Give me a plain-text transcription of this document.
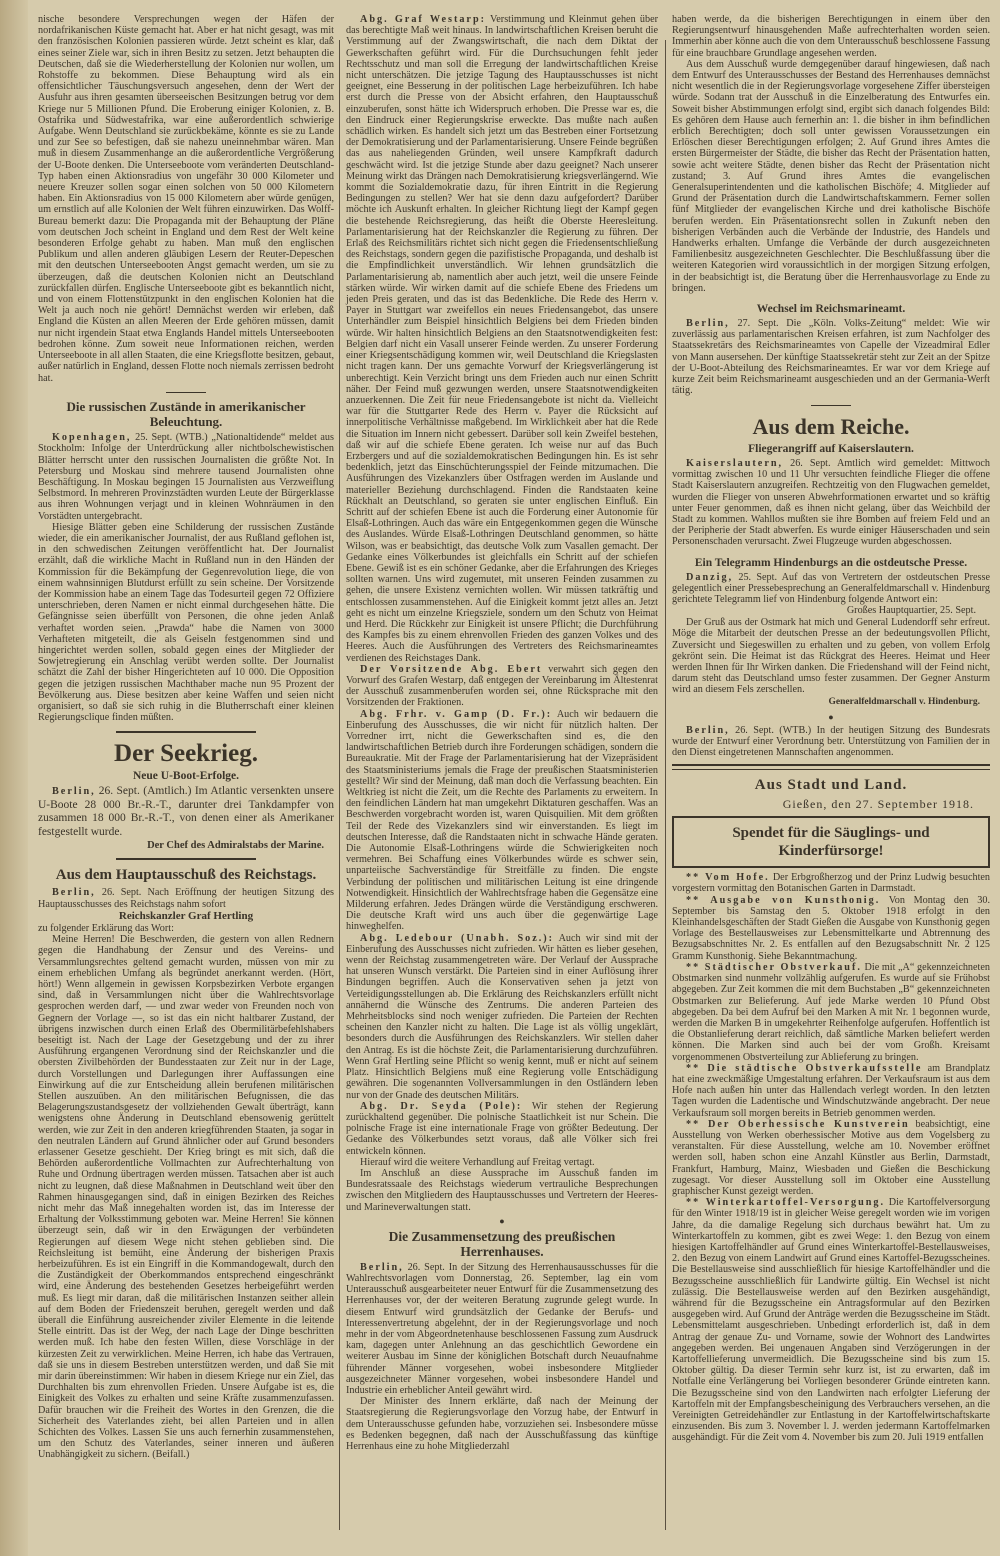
nische besondere Versprechungen wegen der Häfen der nordafrikanischen Küste gemacht hat. Aber er hat nicht gesagt, was mit den französischen Kolonien passieren würde. Jetzt scheint es klar, daß eines seiner Ziele war, sich in ihren Besitz zu setzen. Jetzt behaupten die Deutschen, daß sie die Wiederherstellung der Kolonien nur wollen, um Rohstoffe zu bekommen. Diese Behauptung wird als ein offensichtlicher Täuschungsversuch angesehen, denn der Wert der Ausfuhr aus ihren gesamten überseeischen Besitzungen betrug vor dem Kriege nur 5 Millionen Pfund. Die Eroberung einiger Kolonien, z. B. Ostafrika und Südwestafrika, war eine außerordentlich schwierige Aufgabe. Wenn Deutschland sie zurückbekäme, könnte es sie zu Lande und zur See so befestigen, daß sie nahezu uneinnehmbar wären. Man muß in diesem Zusammenhange an die außerordentliche Vergrößerung der U-Boote denken. Die Unterseeboote vom veränderten Deutschland-Typ haben einen Aktionsradius von ungefähr 30 000 Kilometer und neuere Kreuzer sollen sogar einen solchen von 50 000 Kilometern haben. Ein Aktionsradius von 15 000 Kilometern aber würde genügen, um ernstlich auf alle Kolonien der Welt führen einzuwirken. Das Wolff-Bureau bemerkt dazu: Die Propaganda mit der Behauptung der Pläne vom deutschen Joch scheint in England und dem Rest der Welt keine besonderen Erfolge gehabt zu haben. Man muß den englischen Publikum und allen anderen gläubigen Lesern der Reuter-Depeschen mit den deutschen Unterseebooten Angst gemacht werden, um sie zu überzeugen, daß die deutschen Kolonien nicht an Deutschland zurückfallen dürfen. Englische Unterseeboote gibt es bekanntlich nicht, und von einem Flottenstützpunkt in den englischen Kolonien hat die Welt ja auch noch nie gehört! Demnächst werden wir erleben, daß England die Küsten an allen Meeren der Erde gehören müssen, damit nur nicht irgendein Staat etwa Englands Handel mittels Unterseebooten bedrohen könne. Zum soweit neue Informationen reichen, werden Unterseeboote in all allen Staaten, die eine Kriegsflotte besitzen, gebaut, außer natürlich in England, dessen Flotte noch niemals zerrissen bedroht hat.

Die russischen Zustände in amerikanischer Beleuchtung.

Kopenhagen, 25. Sept. (WTB.) „Nationaltidende“ meldet aus Stockholm: Infolge der Unterdrückung aller nichtbolschewistischen Blätter herrscht unter den russischen Journalisten die größte Not. In Petersburg und Moskau sind mehrere tausend Journalisten ohne Beschäftigung. In Moskau begingen 15 Journalisten aus Verzweiflung Selbstmord. In mehreren Provinzstädten wurden Leute der Bürgerklasse aus ihren Wohnungen verjagt und in kleinen Wohnräumen in den Vorstädten untergebracht.

Hiesige Blätter geben eine Schilderung der russischen Zustände wieder, die ein amerikanischer Journalist, der aus Rußland geflohen ist, in den schwedischen Zeitungen veröffentlicht hat. Der Journalist erzählt, daß die wirkliche Macht in Rußland nun in den Händen der Kommission für die Bekämpfung der Gegenrevolution liege, die von einem wahnsinnigen Blutdurst erfüllt zu sein scheine. Der Vorsitzende der Kommission habe an einem Tage das Todesurteil gegen 72 Offiziere unterschrieben, deren Namen er nicht einmal durchgesehen hätte. Die Gefängnisse seien überfüllt von Personen, die ohne jeden Anlaß verhaftet worden seien. „Prawda“ habe die Namen von 3000 Verhafteten mitgeteilt, die als Geiseln festgenommen sind und hingerichtet werden sollen, sobald gegen eines der Mitglieder der Sowjetregierung ein Anschlag verübt werden sollte. Der Journalist schätzt die Zahl der bisher Hingerichteten auf 10 000. Die Opposition gegen die jetzigen russischen Machthaber mache nun 95 Prozent der Bevölkerung aus. Diese besitzen aber keine Waffen und seien nicht organisiert, so daß sie sich ruhig in die Blutherrschaft einer kleinen Regierungsclique finden müßten.

Der Seekrieg.
Neue U-Boot-Erfolge.

Berlin, 26. Sept. (Amtlich.) Im Atlantic versenkten unsere U-Boote 28 000 Br.-R.-T., darunter drei Tankdampfer von zusammen 18 000 Br.-R.-T., von denen einer als Amerikaner festgestellt wurde.

Der Chef des Admiralstabs der Marine.
Aus dem Hauptausschuß des Reichstags.

Berlin, 26. Sept. Nach Eröffnung der heutigen Sitzung des Hauptausschusses des Reichstags nahm sofort

Reichskanzler Graf Hertling

zu folgender Erklärung das Wort:

Meine Herren! Die Beschwerden, die gestern von allen Rednern gegen die Handhabung der Zensur und des Vereins- und Versammlungsrechtes geltend gemacht wurden, müssen von mir zu einem erheblichen Umfang als begründet anerkannt werden. (Hört, hört!) Wenn allgemein in gewissen Korpsbezirken Verbote ergangen sind, daß in Versammlungen nicht über die Wahlrechtsvorlage gesprochen werden darf, — und zwar weder von Freunden noch von Gegnern der Vorlage —, so ist das ein nicht haltbarer Zustand, der übrigens inzwischen durch einen Erlaß des Obermilitärbefehlshabers beseitigt ist. Nach der Lage der Gesetzgebung und der zu ihrer Ausführung ergangenen Verordnung sind der Reichskanzler und die obersten Zivilbehörden der Bundesstaaten zur Zeit nur in der Lage, durch Vorstellungen und Darlegungen ihrer Auffassungen eine Einwirkung auf die zur Entscheidung allein berufenen militärischen Stellen auszuüben. An den militärischen Befugnissen, die das Belagerungszustandsgesetz der vollziehenden Gewalt überträgt, kann wenigstens ohne Änderung in Deutschland ebensowenig gerüttelt werden, wie zur Zeit in den anderen kriegführenden Staaten, ja sogar in den neutralen Ländern auf Grund ähnlicher oder auf Grund besonders erlassener Gesetze geschieht. Der Krieg bringt es mit sich, daß die Behörden außerordentliche Vollmachten zur Aufrechterhaltung von Ruhe und Ordnung übertragen werden müssen. Tatsachen aber ist auch nicht zu leugnen, daß diese Maßnahmen in Deutschland weit über den Rahmen hinausgegangen sind, daß in einigen Bezirken des Reiches nicht mehr das Maß innegehalten worden ist, das im Interesse der Erhaltung der Volksstimmung geboten war. Meine Herren! Sie können überzeugt sein, daß wir in den Erwägungen der verbündeten Regierungen auf diesem Wege nicht stehen geblieben sind. Die Reichsleitung ist bemüht, eine Änderung der bisherigen Praxis herbeizuführen. Es ist ein Eingriff in die Kommandogewalt, durch den die Zuständigkeit der Oberkommandos entsprechend eingeschränkt wird, eine Änderung des bestehenden Gesetzes herbeigeführt werden muß. Es liegt mir daran, daß die militärischen Instanzen seither allein auf dem Boden der Friedenszeit beruhen, geregelt werden und daß überall die Einführung ausreichender ziviler Elemente in die leitende Stelle eintritt. Das ist der Weg, der nach Lage der Dinge beschritten werden muß. Ich habe den festen Willen, diese Vorschläge in der kürzesten Zeit zu verwirklichen. Meine Herren, ich habe das Vertrauen, daß sie uns in diesem Bestreben unterstützen werden, und daß Sie mit mir darin übereinstimmen: Wir haben in diesem Kriege nur ein Ziel, das Durchhalten bis zum ehrenvollen Frieden. Unsere Aufgabe ist es, die Einigkeit des Volkes zu erhalten und seine Kräfte zusammenzufassen. Dafür brauchen wir die Freiheit des Wortes in den Grenzen, die die Sicherheit des Vaterlandes zieht, bei allen Parteien und in allen Schichten des Volkes. Lassen Sie uns auch fernerhin zusammenstehen, um den Schutz des Vaterlandes, seiner inneren und äußeren Unabhängigkeit zu sichern. (Beifall.)

Abg. Graf Westarp: Verstimmung und Kleinmut gehen über das berechtigte Maß weit hinaus. In landwirtschaftlichen Kreisen beruht die Verstimmung auf der Zwangswirtschaft, die nach dem Diktat der Gewerkschaften geführt wird. Für die Durchsuchungen fehlt jeder Rechtsschutz und man soll die Erregung der landwirtschaftlichen Kreise nicht unterschätzen. Die jetzige Tagung des Hauptausschusses ist nicht geeignet, eine Besserung in der politischen Lage herbeizuführen. Ich habe erst durch die Presse von der Absicht erfahren, den Hauptausschuß einzuberufen, sonst hätte ich Widerspruch erhoben. Die Presse war es, die den Eindruck einer Regierungskrise erweckte. Das mußte nach außen schädlich wirken. Es handelt sich jetzt um das Bestreben einer Fortsetzung der Demokratisierung und der Parlamentarisierung. Unsere Feinde begrüßen das aus naheliegenden Gründen, weil unsere Kampfkraft dadurch geschwächt wird. Ist die jetzige Stunde aber dazu geeignet? Nach unserer Meinung wirkt das Drängen nach Demokratisierung kriegsverlängernd. Wie kommt die Sozialdemokratie dazu, für ihren Eintritt in die Regierung Bedingungen zu stellen? Wer hat sie denn dazu aufgefordert? Darüber möchte ich Auskunft erhalten. In gleicher Richtung liegt der Kampf gegen die bestehende Reichsregierung, das heißt die Oberste Heeresleitung. Parlamentarisierung hat der Reichskanzler die Regierung zu führen. Der Erlaß des Reichsmilitärs richtet sich nicht gegen die Friedensentschließung des Reichstags, sondern gegen die pazifistische Propaganda, und deshalb ist die Empfindlichkeit unverständlich. Wir lehnen grundsätzlich die Parlamentarisierung ab, namentlich aber auch jetzt, weil die unsere Feinde stärken würde. Wir wirken damit auf die schiefe Ebene des Friedens um jeden Preis geraten, und das ist das Bedenkliche. Die Rede des Herrn v. Payer in Stuttgart war zweifellos ein neues Friedensangebot, das unsere Unterhändler zum Beispiel hinsichtlich Belgiens bei dem Frieden binden würde. Wir halten hinsichtlich Belgiens an den Staatsnotwendigkeiten fest: Belgien darf nicht ein Vasall unserer Feinde werden. Zu unserer Forderung einer Kriegsentschädigung kommen wir, weil Deutschland die Kriegslasten nicht tragen kann. Der uns gemachte Vorwurf der Kriegsverlängerung ist unberechtigt. Kein Verzicht bringt uns dem Frieden auch nur einen Schritt näher. Der Feind muß gezwungen werden, unsere Staatsnotwendigkeiten anzuerkennen. Die Zeit für neue Friedensangebote ist nicht da. Vielleicht war für die Stuttgarter Rede des Herrn v. Payer die Rücksicht auf innerpolitische Verhältnisse maßgebend. Im Wirklichkeit aber hat die Rede die Situation im Innern nicht gebessert. Darüber soll kein Zweifel bestehen, daß wir auf die schiefe Ebene geraten. Ich weise nur auf das Buch Erzbergers und auf die sozialdemokratischen Bedingungen hin. Es ist sehr bedenklich, jetzt das Einschüchterungsspiel der Feinde mitzumachen. Die Ausführungen des Vizekanzlers über Ostfragen werden im Auslande und materieller Beziehung durchschlagend. Finden die Randstaaten keine Rückhalt an Deutschland, so geraten sie unter englischen Einfluß. Ein Schritt auf der schiefen Ebene ist auch die Forderung einer Autonomie für Elsaß-Lothringen. Auch das wäre ein Entgegenkommen gegen die Wünsche des Auslandes. Würde Elsaß-Lothringen Deutschland genommen, so hätte Wilson, was er beabsichtigt, das deutsche Volk zum Vasallen gemacht. Der Gedanke eines Völkerbundes ist gleichfalls ein Schritt auf der schiefen Ebene. Gewiß ist es ein schöner Gedanke, aber die Erfahrungen des Krieges sollten warnen. Uns wird zugemutet, mit unseren Feinden zusammen zu gehen, die unsere Existenz vernichten wollen. Wir müssen tatkräftig und entschlossen zusammenstehen. Auf die Einigkeit kommt jetzt alles an. Jetzt geht es nicht um einzelne Kriegsziele, sondern um den Schutz von Heimat und Herd. Die Rückkehr zur Einigkeit ist unsere Pflicht; die Durchführung des Kampfes bis zu einem ehrenvollen Frieden des ganzen Volkes und des Heeres. Auch die Ausführungen des Vertreters des Reichsmarineamtes verdienen des Reichstages Dank.

Der Vorsitzende Abg. Ebert verwahrt sich gegen den Vorwurf des Grafen Westarp, daß entgegen der Vereinbarung im Ältestenrat der Ausschuß zusammenberufen worden sei, ohne Rücksprache mit den Vorsitzenden der Fraktionen.

Abg. Frhr. v. Gamp (D. Fr.): Auch wir bedauern die Einberufung des Ausschusses, die wir nicht für nützlich halten. Der Vorredner irrt, nicht die Gewerkschaften sind es, die den landwirtschaftlichen Betrieb durch ihre Forderungen schädigen, sondern die Bureaukratie. Mit der Frage der Parlamentarisierung hat der Vizepräsident des Staatsministeriums jemals die Frage der preußischen Staatsministerien gestellt? Wir sind der Meinung, daß man doch die Verfassung beachten. Ein Weltkrieg ist nicht die Zeit, um die Rechte des Parlaments zu erweitern. In den feindlichen Ländern hat man umgekehrt Diktaturen geschaffen. Was an Beschwerden vorgebracht worden ist, waren Quisquilien. Mit dem größten Teil der Rede des Vizekanzlers sind wir einverstanden. Es liegt im deutschen Interesse, daß die Randstaaten nicht in schwache Hände geraten. Die Autonomie Elsaß-Lothringens würde die Schwierigkeiten noch vermehren. Bei Schaffung eines Völkerbundes würde es schwer sein, unparteiische Sachverständige für Streitfälle zu finden. Die engste Verbindung der politischen und militärischen Leitung ist eine dringende Notwendigkeit. Hinsichtlich der Wahlrechtsfrage haben die Gegensätze eine Milderung erfahren. Jedes Drängen würde die Verständigung erschweren. Die deutsche Kraft wird uns auch über die gegenwärtige Lage hinweghelfen.

Abg. Ledebour (Unabh. Soz.): Auch wir sind mit der Einberufung des Ausschusses nicht zufrieden. Wir hätten es lieber gesehen, wenn der Reichstag zusammengetreten wäre. Der Verlauf der Aussprache hat unseren Wunsch verstärkt. Die Parteien sind in einer Auflösung ihrer Bindungen begriffen. Auch die Konservativen sehen ja jetzt von Verteidigungsstellungen ab. Die Erklärung des Reichskanzlers erfüllt nicht annähernd die Wünsche des Zentrums. Die anderen Parteien des Mehrheitsblocks sind noch weniger zufrieden. Die Parteien der Rechten scheinen den Kanzler nicht zu halten. Die Lage ist als völlig ungeklärt, besonders durch die Ausführungen des Reichskanzlers. Wir stellen daher den Antrag. Es ist die höchste Zeit, die Parlamentarisierung durchzuführen. Wenn Graf Hertling seine Pflicht so wenig kennt, muß er nicht auf seinem Platz. Hinsichtlich Belgiens muß eine Regierung volle Entschädigung gewähren. Die sogenannten Vollversammlungen in den Ostländern leben nur von der Gnade des deutschen Militärs.

Abg. Dr. Seyda (Pole): Wir stehen der Regierung zurückhaltend gegenüber. Die polnische Staatlichkeit ist nur Schein. Die polnische Frage ist eine internationale Frage von größter Bedeutung. Der Gedanke des Völkerbundes setzt voraus, daß alle Völker sich frei entwickeln können.

Hierauf wird die weitere Verhandlung auf Freitag vertagt.

Im Anschluß an diese Aussprache im Ausschuß fanden im Bundesratssaale des Reichstags wiederum vertrauliche Besprechungen zwischen den Mitgliedern des Hauptausschusses und Vertretern der Heeres- und Marineverwaltungen statt.

●
Die Zusammensetzung des preußischen Herrenhauses.

Berlin, 26. Sept. In der Sitzung des Herrenhausausschusses für die Wahlrechtsvorlagen vom Donnerstag, 26. September, lag ein vom Unterausschuß ausgearbeiteter neuer Entwurf für die Zusammensetzung des Herrenhauses vor, der der weiteren Beratung zugrunde gelegt wurde. In diesem Entwurf wird grundsätzlich der Gedanke der Berufs- und Interessenvertretung abgelehnt, der in der Regierungsvorlage und noch mehr in der vom Abgeordnetenhause beschlossenen Fassung zum Ausdruck kam, dagegen unter Anlehnung an das geschichtlich Gewordene ein weiterer Ausbau im Sinne der königlichen Botschaft durch Neuaufnahme führender Männer vorgesehen, wobei insbesondere Mitglieder ausgezeichneter Männer vorgesehen, wobei insbesondere Handel und Industrie ein erheblicher Anteil gewährt wird.

Der Minister des Innern erklärte, daß nach der Meinung der Staatsregierung die Regierungsvorlage den Vorzug habe, der Entwurf in dem Unterausschusse gefunden habe, vorzuziehen sei. Insbesondere müsse es Bedenken begegnen, daß nach der Ausschußfassung das künftige Herrenhaus eine zu hohe Mitgliederzahl

haben werde, da die bisherigen Berechtigungen in einem über den Regierungsentwurf hinausgehenden Maße aufrechterhalten worden seien. Immerhin aber könne auch die von dem Unterausschuß beschlossene Fassung für eine brauchbare Grundlage angesehen werden.

Aus dem Ausschuß wurde demgegenüber darauf hingewiesen, daß nach dem Entwurf des Unterausschusses der Bestand des Herrenhauses demnächst nicht wesentlich die in der Regierungsvorlage vorgesehene Ziffer übersteigen würde. Sodann trat der Ausschuß in die Einzelberatung des Entwurfes ein. Soweit bisher Abstimmungen erfolgt sind, ergibt sich danach folgendes Bild: Es gehören dem Hause auch fernerhin an: 1. die bisher in ihm befindlichen erblich Berechtigten; doch soll unter gewissen Voraussetzungen ein Erlöschen dieser Berechtigungen erfolgen; 2. Auf Grund ihres Amtes die ersten Bürgermeister der Städte, die bisher das Recht der Präsentation hatten, sowie acht weitere Städte, denen bisher das Recht der Präsentation nicht zustand; 3. Auf Grund ihres Amtes die evangelischen Generalsuperintendenten und die katholischen Bischöfe; 4. Mitglieder auf Grund der Präsentation durch die Landwirtschaftskammern. Ferner sollen fünf Mitglieder der evangelischen Kirche und drei katholische Bischöfe berufen werden. Ein Präsentationsrecht sollen in Zukunft neben den bisherigen Verbänden auch die Verbände der Industrie, des Handels und Handwerks erhalten. Umfange die Verbände der durch ausgezeichneten Familienbesitz ausgezeichneten Geschlechter. Die Beschlußfassung über die weiteren Kategorien wird voraussichtlich in der morgigen Sitzung erfolgen, in der beabsichtigt ist, die Beratung über die Herrenhausvorlage zu Ende zu bringen.

Wechsel im Reichsmarineamt.

Berlin, 27. Sept. Die „Köln. Volks-Zeitung“ meldet: Wie wir zuverlässig aus parlamentarischen Kreisen erfahren, ist zum Nachfolger des Staatssekretärs des Reichsmarineamtes von Capelle der Vizeadmiral Edler von Mann ausersehen. Der künftige Staatssekretär steht zur Zeit an der Spitze der U-Boot-Abteilung des Reichsmarineamtes. Er war vor dem Kriege auf kurze Zeit beim Reichsmarineamt ausgeschieden und an der Germania-Werft tätig.

Aus dem Reiche.
Fliegerangriff auf Kaiserslautern.

Kaiserslautern, 26. Sept. Amtlich wird gemeldet: Mittwoch vormittag zwischen 10 und 11 Uhr versuchten feindliche Flieger die offene Stadt Kaiserslautern anzugreifen. Rechtzeitig von den Flugwachen gemeldet, wurden die Flieger von unseren Abwehrformationen erwartet und so kräftig unter Feuer genommen, daß es ihnen nicht gelang, über das Weichbild der Stadt zu kommen. Wahllos mußten sie ihre Bomben auf freiem Feld und an der Peripherie der Stadt abwerfen. Es wurde einiger Häuserschaden und sein Personenschaden verursacht. Zwei Flugzeuge wurden abgeschossen.

Ein Telegramm Hindenburgs an die ostdeutsche Presse.

Danzig, 25. Sept. Auf das von Vertretern der ostdeutschen Presse gelegentlich einer Pressebesprechung an Generalfeldmarschall v. Hindenburg gerichtete Telegramm lief von Hindenburg folgende Antwort ein:

Großes Hauptquartier, 25. Sept.

Der Gruß aus der Ostmark hat mich und General Ludendorff sehr erfreut. Möge die Mitarbeit der deutschen Presse an der bedeutungsvollen Pflicht, Zuversicht und Siegeswillen zu erhalten und zu geben, von vollem Erfolg gekrönt sein. Die Heimat ist das Rückgrat des Heeres. Heimat und Heer werden Ihnen für Ihr Wirken danken. Die Friedenshand will der Feind nicht, darum steht das Deutschland umso fester zusammen. Der Gegner Ansturm wird an diesem Fels zerschellen.

Generalfeldmarschall v. Hindenburg.
●

Berlin, 26. Sept. (WTB.) In der heutigen Sitzung des Bundesrats wurde der Entwurf einer Verordnung betr. Unterstützung von Familien der in den Dienst eingetretenen Mannschaften angenommen.

Aus Stadt und Land.
Gießen, den 27. September 1918.
Spendet für die Säuglings- und Kinderfürsorge!

** Vom Hofe. Der Erbgroßherzog und der Prinz Ludwig besuchten vorgestern vormittag den Botanischen Garten in Darmstadt.

** Ausgabe von Kunsthonig. Von Montag den 30. September bis Samstag den 5. Oktober 1918 erfolgt in den Kleinhandelsgeschäften der Stadt Gießen die Ausgabe von Kunsthonig gegen Vorlage des Bestellausweises zur Lebensmittelkarte und Abtrennung des Bezugsabschnittes Nr. 2. Es entfallen auf den Bezugsabschnitt Nr. 2 125 Gramm Kunsthonig. Siehe Bekanntmachung.

** Städtischer Obstverkauf. Die mit „A“ gekennzeichneten Obstmarken sind nunmehr vollzählig aufgerufen. Es wurde auf sie Frühobst abgegeben. Zur Zeit kommen die mit dem Buchstaben „B“ gekennzeichneten Obstmarken zur Belieferung. Auf jede Marke werden 10 Pfund Obst abgegeben. Da bei dem Aufruf bei den Marken A mit Nr. 1 begonnen wurde, werden die Marken B in umgekehrter Reihenfolge aufgerufen. Hoffentlich ist die Obstanlieferung derart reichlich, daß sämtliche Marken beliefert werden können. Die Marken sind auch bei der vom Großh. Kreisamt vorgenommenen Obstverteilung zur Ablieferung zu bringen.

** Die städtische Obstverkaufsstelle am Brandplatz hat eine zweckmäßige Umgestaltung erfahren. Der Verkaufsraum ist aus dem Hofe nach außen hin unter das Hallendach verlegt worden. In den letzten Tagen wurden die Ladentische und Windschutzwände angebracht. Der neue Verkaufsraum soll morgen bereits in Betrieb genommen werden.

** Der Oberhessische Kunstverein beabsichtigt, eine Ausstellung von Werken oberhessischer Motive aus dem Vogelsberg zu veranstalten. Für diese Ausstellung, welche am 10. November eröffnet werden soll, haben schon eine Anzahl Künstler aus Berlin, Darmstadt, Frankfurt, Hamburg, Mainz, Wiesbaden und Gießen die Beschickung zugesagt. Vor dieser Ausstellung soll im Oktober eine Ausstellung graphischer Kunst gezeigt werden.

** Winterkartoffel-Versorgung. Die Kartoffelversorgung für den Winter 1918/19 ist in gleicher Weise geregelt worden wie im vorigen Jahre, da die damalige Regelung sich durchaus bewährt hat. Um zu Winterkartoffeln zu kommen, gibt es zwei Wege: 1. den Bezug von einem hiesigen Kartoffelhändler auf Grund eines Winterkartoffel-Bestellausweises, 2. den Bezug von einem Landwirt auf Grund eines Kartoffel-Bezugsscheines. Die Bestellausweise sind ausschließlich für hiesige Kartoffelhändler und die Bezugsscheine ausschließlich für Landwirte gültig. Ein Wechsel ist nicht zulässig. Die Bestellausweise werden auf den Bezirken ausgehändigt, während für die Bezugsscheine ein Antragsformular auf den Bezirken ausgegeben wird. Auf Grund der Anträge werden die Bezugsscheine im Städt. Lebensmittelamt ausgeschrieben. Unbedingt erforderlich ist, daß in dem Antrag der genaue Zu- und Vorname, sowie der Wohnort des Landwirtes angegeben werden. Bei ungenauen Angaben sind Verzögerungen in der Kartoffellieferung unvermeidlich. Die Bezugsscheine sind bis zum 15. Oktober gültig. Da dieser Termin sehr kurz ist, ist zu erwarten, daß im Notfalle eine Verlängerung bei Vorliegen besonderer Gründe eintreten kann. Die Bezugsscheine sind von den Landwirten nach erfolgter Lieferung der Kartoffeln mit der Empfangsbescheinigung des Verbrauchers versehen, an die Vereinigten Getreidehändler zur Entlastung in der Kartoffelwirtschaftskarte einzusenden. Bis zum 3. November l. J. werden jedermann Kartoffelmarken ausgehändigt. Für die Zeit vom 4. November bis zum 20. Juli 1919 entfallen
